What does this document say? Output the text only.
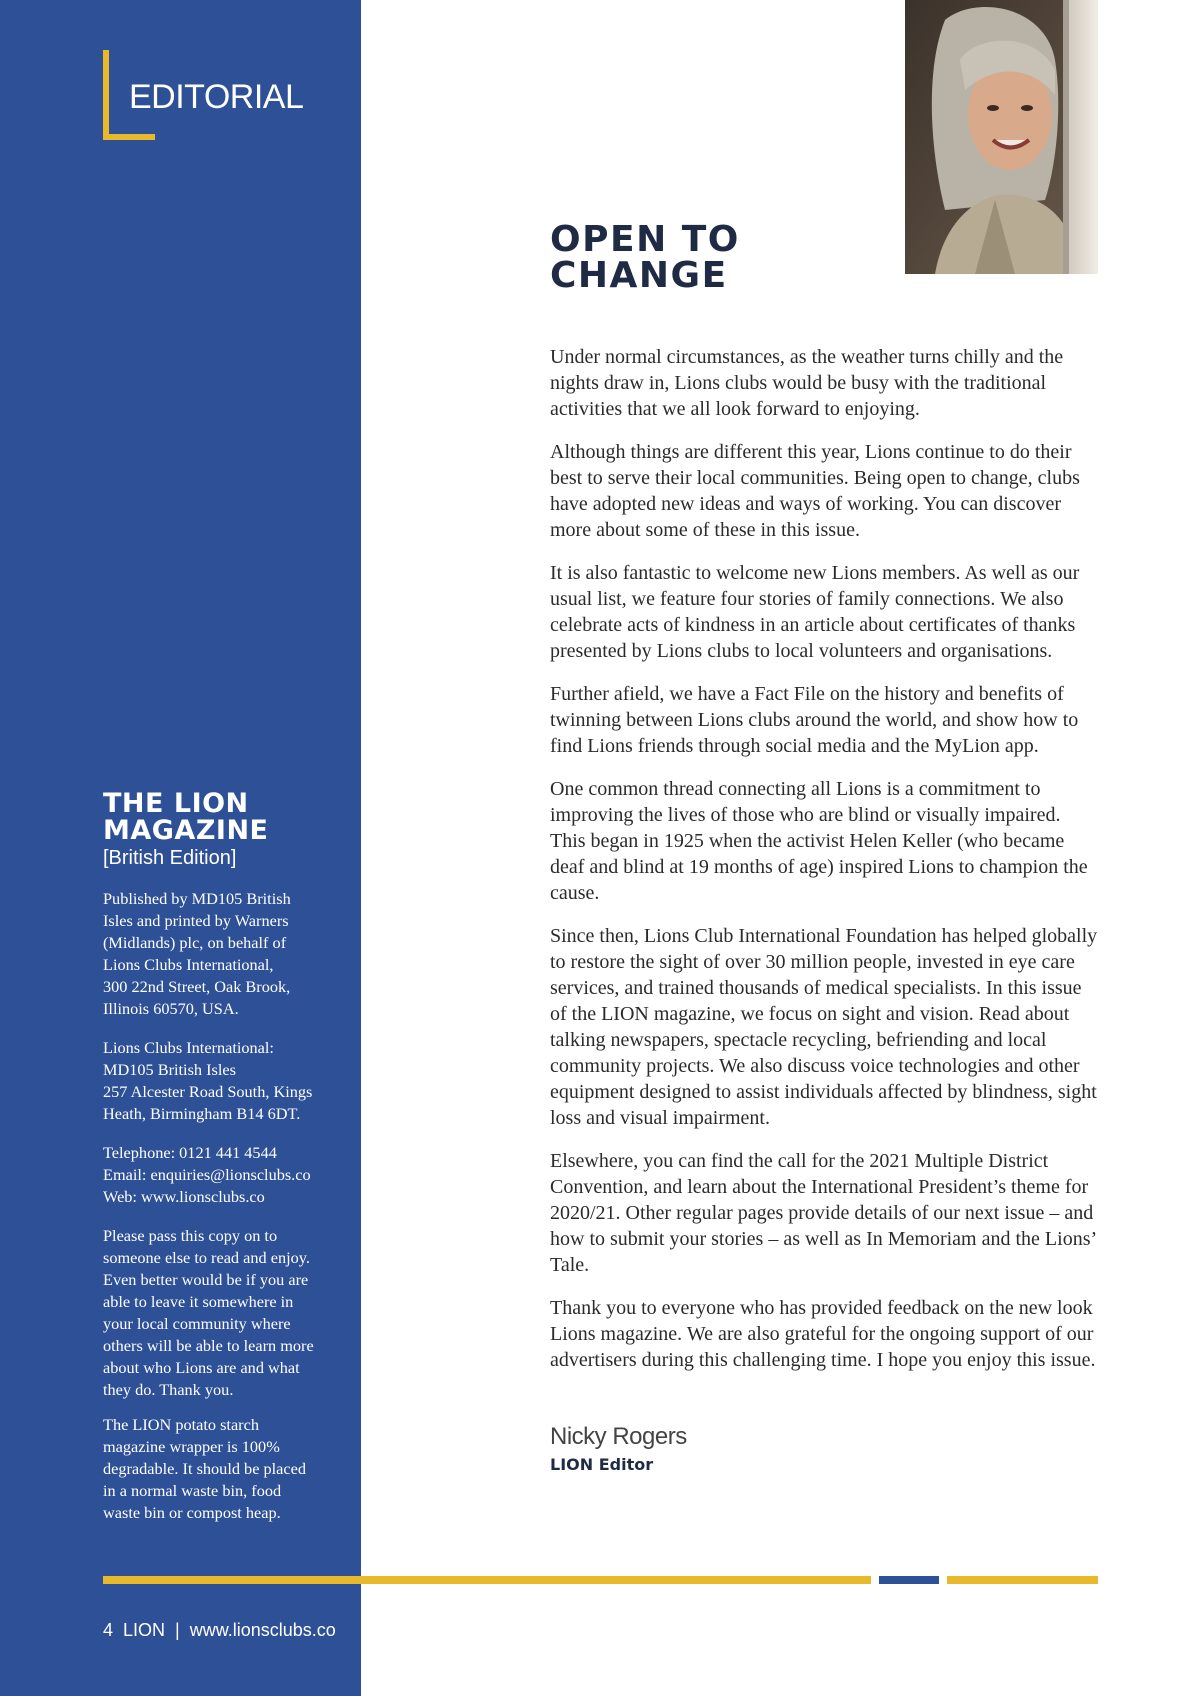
EDITORIAL
THE LION
MAGAZINE
[British Edition]
Published by MD105 British
Isles and printed by Warners
(Midlands) plc, on behalf of
Lions Clubs International,
300 22nd Street, Oak Brook,
Illinois 60570, USA.
Lions Clubs International:
MD105 British Isles
257 Alcester Road South, Kings
Heath, Birmingham B14 6DT.
Telephone: 0121 441 4544
Email: enquiries@lionsclubs.co
Web: www.lionsclubs.co
Please pass this copy on to
someone else to read and enjoy.
Even better would be if you are
able to leave it somewhere in
your local community where
others will be able to learn more
about who Lions are and what
they do. Thank you.
The LION potato starch
magazine wrapper is 100%
degradable. It should be placed
in a normal waste bin, food
waste bin or compost heap.
OPEN TO
CHANGE

Under normal circumstances, as the weather turns chilly and the nights draw in, Lions clubs would be busy with the traditional activities that we all look forward to enjoying.

Although things are different this year, Lions continue to do their best to serve their local communities. Being open to change, clubs have adopted new ideas and ways of working. You can discover more about some of these in this issue.

It is also fantastic to welcome new Lions members. As well as our usual list, we feature four stories of family connections. We also celebrate acts of kindness in an article about certificates of thanks presented by Lions clubs to local volunteers and organisations.

Further afield, we have a Fact File on the history and benefits of twinning between Lions clubs around the world, and show how to find Lions friends through social media and the MyLion app.

One common thread connecting all Lions is a commitment to improving the lives of those who are blind or visually impaired. This began in 1925 when the activist Helen Keller (who became deaf and blind at 19 months of age) inspired Lions to champion the cause.

Since then, Lions Club International Foundation has helped globally to restore the sight of over 30 million people, invested in eye care services, and trained thousands of medical specialists. In this issue of the LION magazine, we focus on sight and vision. Read about talking newspapers, spectacle recycling, befriending and local community projects. We also discuss voice technologies and other equipment designed to assist individuals affected by blindness, sight loss and visual impairment.

Elsewhere, you can find the call for the 2021 Multiple District Convention, and learn about the International President’s theme for 2020/21. Other regular pages provide details of our next issue – and how to submit your stories – as well as In Memoriam and the Lions’ Tale.

Thank you to everyone who has provided feedback on the new look Lions magazine. We are also grateful for the ongoing support of our advertisers during this challenging time. I hope you enjoy this issue.

Nicky Rogers
LION Editor
4  LION  |  www.lionsclubs.co
